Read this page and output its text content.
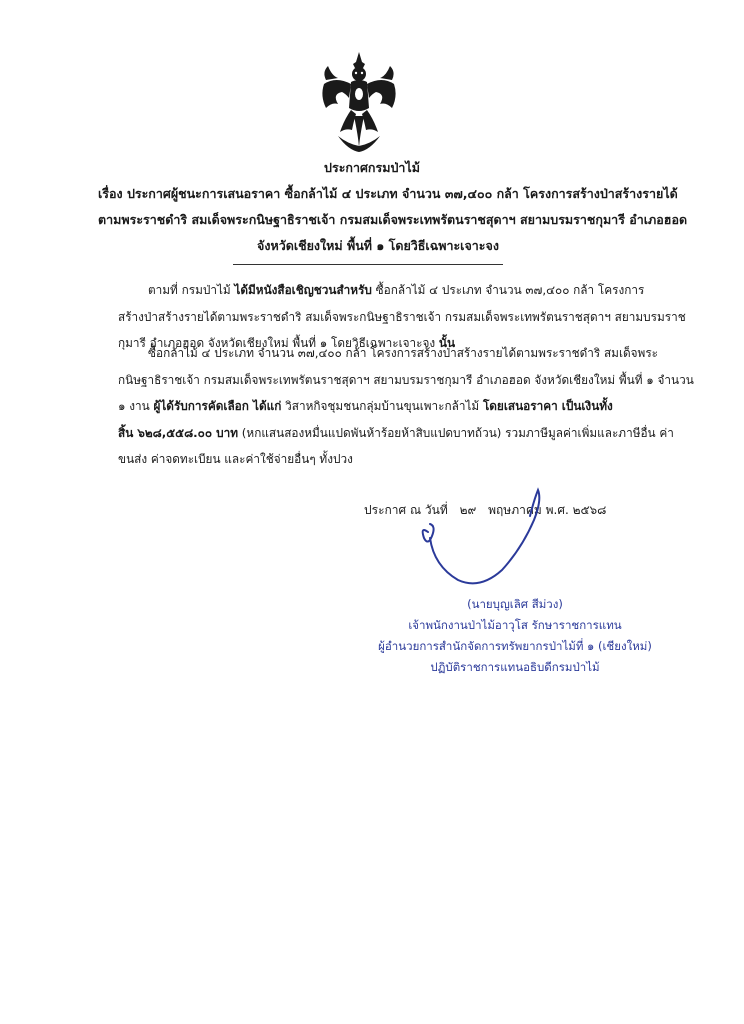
ประกาศกรมป่าไม้
เรื่อง ประกาศผู้ชนะการเสนอราคา ซื้อกล้าไม้ ๔ ประเภท จำนวน ๓๗,๔๐๐ กล้า โครงการสร้างป่าสร้างรายได้
ตามพระราชดำริ สมเด็จพระกนิษฐาธิราชเจ้า กรมสมเด็จพระเทพรัตนราชสุดาฯ สยามบรมราชกุมารี อำเภอฮอด
จังหวัดเชียงใหม่ พื้นที่ ๑ โดยวิธีเฉพาะเจาะจง
ตามที่ กรมป่าไม้ ได้มีหนังสือเชิญชวนสำหรับ ซื้อกล้าไม้ ๔ ประเภท จำนวน ๓๗,๔๐๐ กล้า โครงการ
สร้างป่าสร้างรายได้ตามพระราชดำริ สมเด็จพระกนิษฐาธิราชเจ้า กรมสมเด็จพระเทพรัตนราชสุดาฯ สยามบรมราช
กุมารี อำเภอฮอด จังหวัดเชียงใหม่ พื้นที่ ๑ โดยวิธีเฉพาะเจาะจง นั้น
ซื้อกล้าไม้ ๔ ประเภท จำนวน ๓๗,๔๐๐ กล้า โครงการสร้างป่าสร้างรายได้ตามพระราชดำริ สมเด็จพระ
กนิษฐาธิราชเจ้า กรมสมเด็จพระเทพรัตนราชสุดาฯ สยามบรมราชกุมารี อำเภอฮอด จังหวัดเชียงใหม่ พื้นที่ ๑ จำนวน
๑ งาน ผู้ได้รับการคัดเลือก ได้แก่ วิสาหกิจชุมชนกลุ่มบ้านขุนเพาะกล้าไม้ โดยเสนอราคา เป็นเงินทั้ง
สิ้น ๖๒๘,๕๕๘.๐๐ บาท (หกแสนสองหมื่นแปดพันห้าร้อยห้าสิบแปดบาทถ้วน) รวมภาษีมูลค่าเพิ่มและภาษีอื่น ค่า
ขนส่ง ค่าจดทะเบียน และค่าใช้จ่ายอื่นๆ ทั้งปวง
ประกาศ ณ วันที่ ๒๙ พฤษภาคม พ.ศ. ๒๕๖๘
(นายบุญเลิศ สีม่วง)
เจ้าพนักงานป่าไม้อาวุโส รักษาราชการแทน
ผู้อำนวยการสำนักจัดการทรัพยากรป่าไม้ที่ ๑ (เชียงใหม่)
ปฏิบัติราชการแทนอธิบดีกรมป่าไม้
